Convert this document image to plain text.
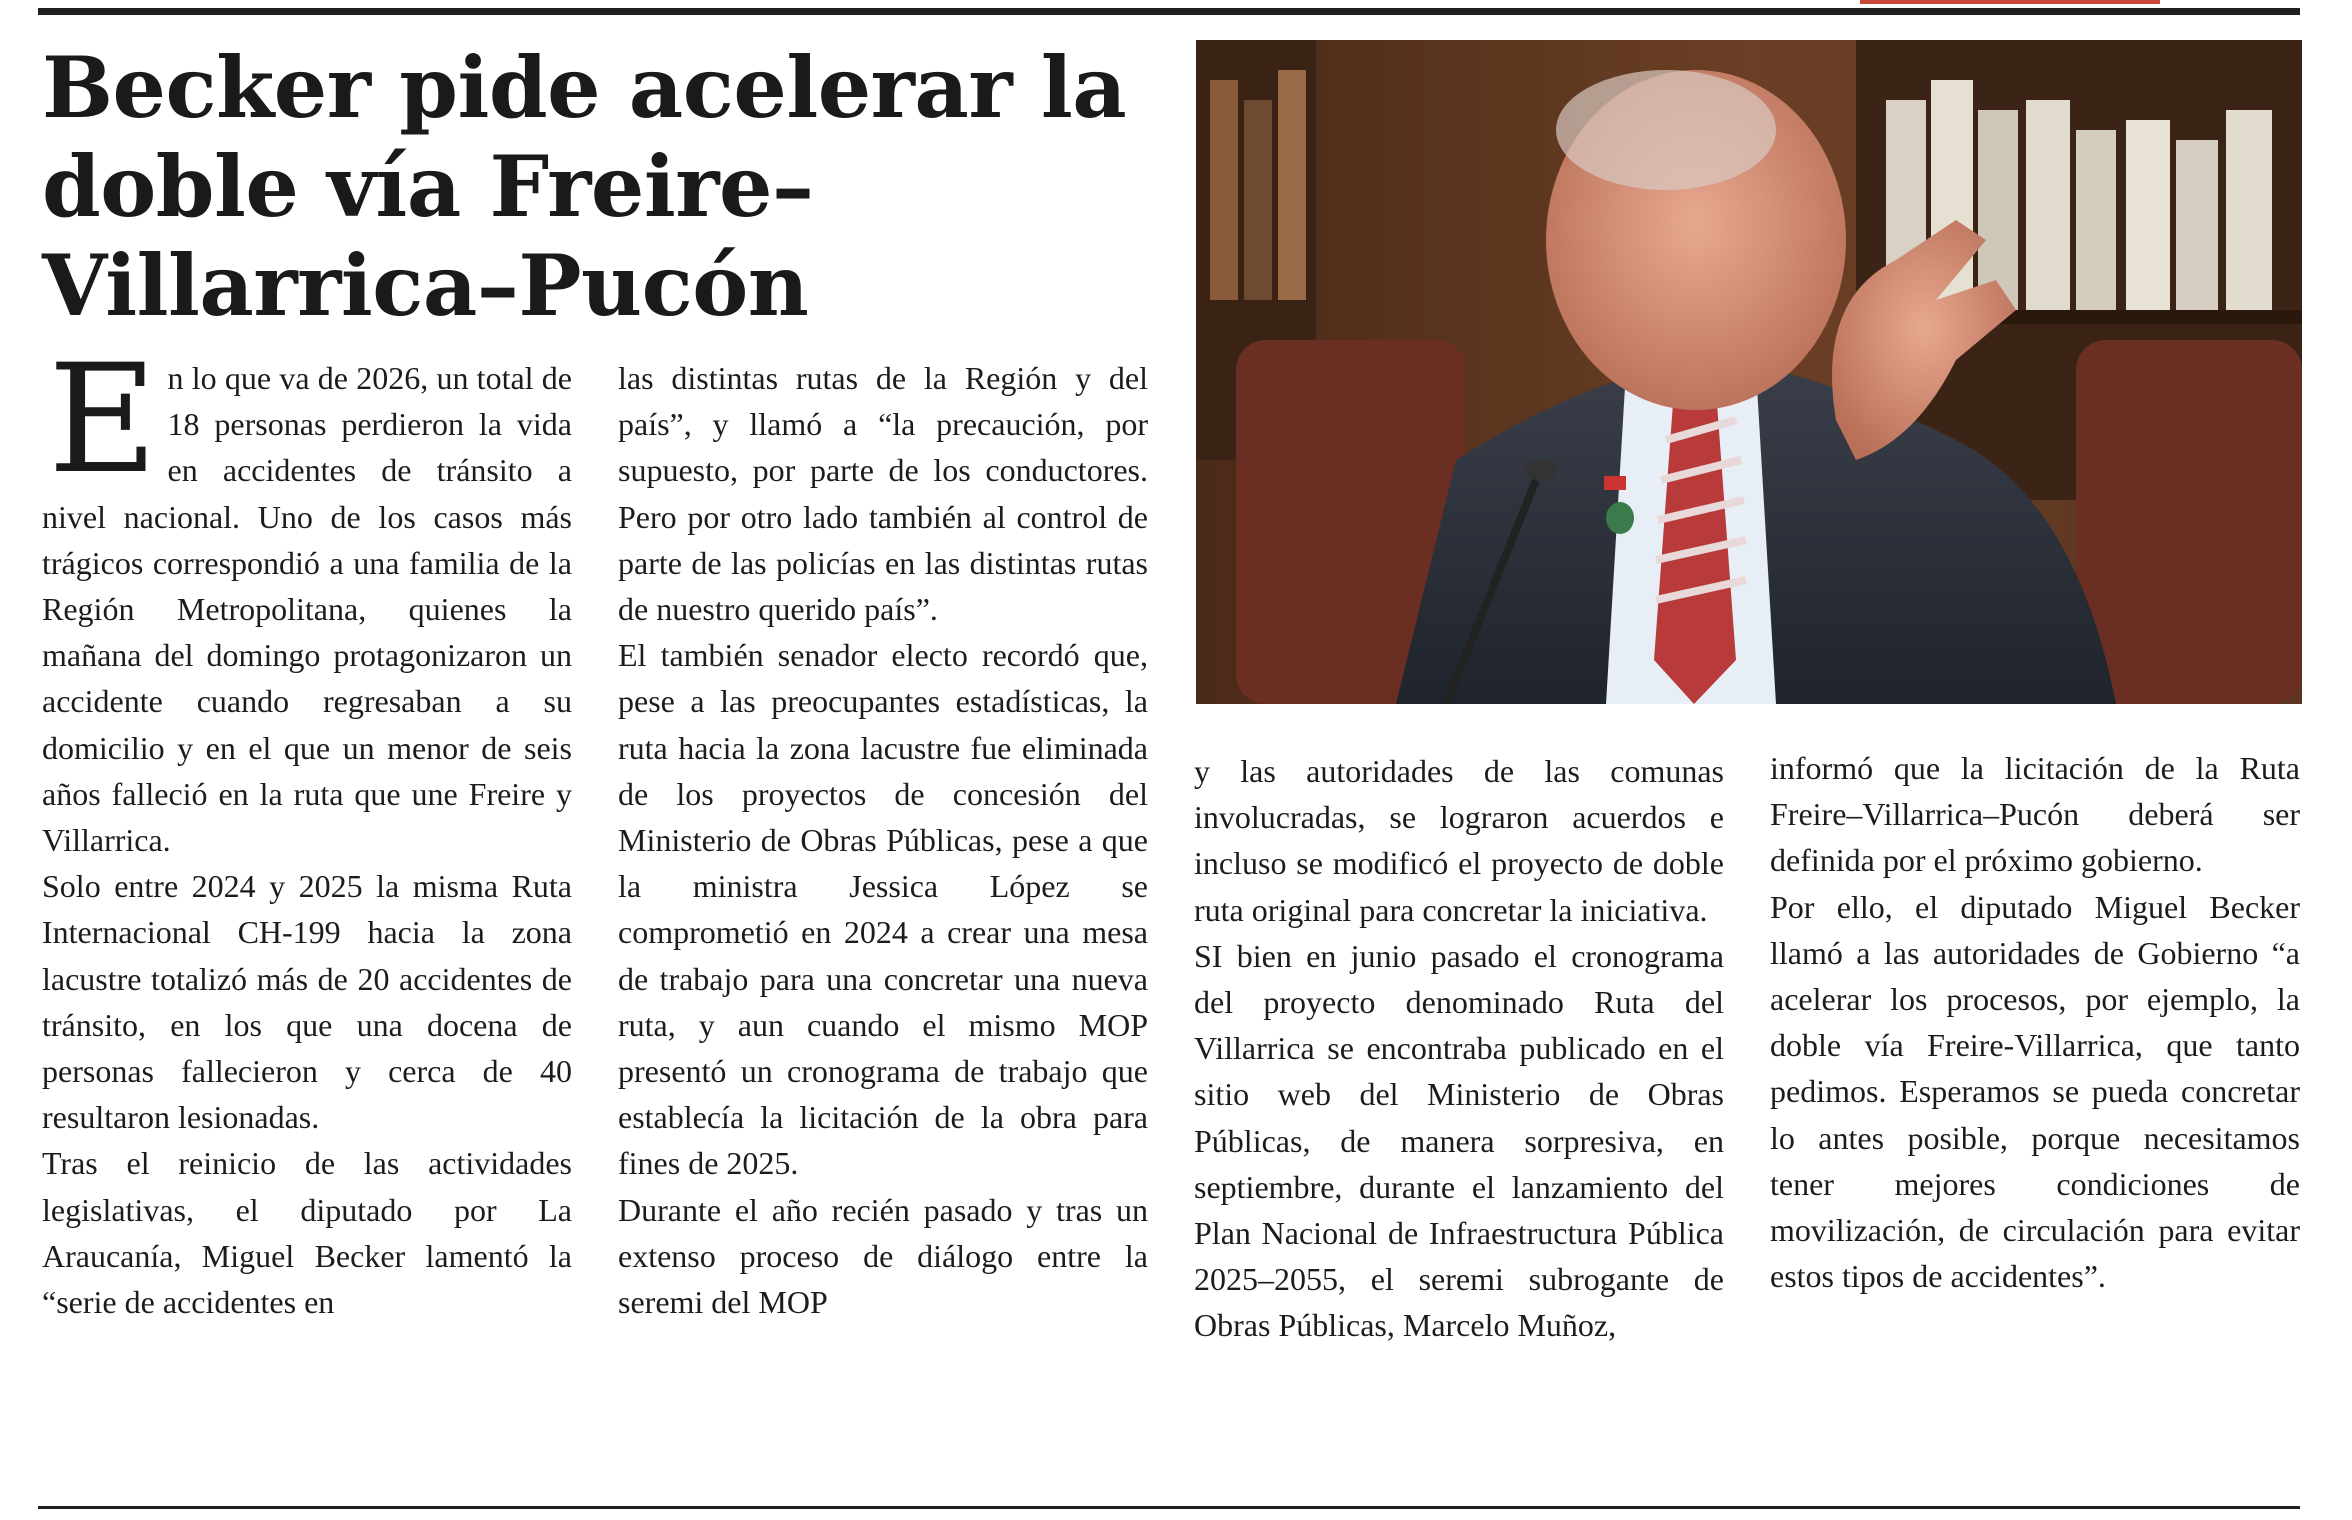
Becker pide acelerar la doble vía Freire–Villarrica–Pucón

En lo que va de 2026, un total de 18 personas perdieron la vida en accidentes de tránsito a nivel nacional. Uno de los casos más trágicos correspondió a una familia de la Región Metropolitana, quienes la mañana del domingo protagonizaron un accidente cuando regresaban a su domicilio y en el que un menor de seis años falleció en la ruta que une Freire y Villarrica.

Solo entre 2024 y 2025 la misma Ruta Internacional CH-199 hacia la zona lacustre totalizó más de 20 accidentes de tránsito, en los que una docena de personas fallecieron y cerca de 40 resultaron lesionadas.

Tras el reinicio de las actividades legislativas, el diputado por La Araucanía, Miguel Becker lamentó la “serie de accidentes en

las distintas rutas de la Región y del país”, y llamó a “la precaución, por supuesto, por parte de los conductores. Pero por otro lado también al control de parte de las policías en las distintas rutas de nuestro querido país”.

El también senador electo recordó que, pese a las preocupantes estadísticas, la ruta hacia la zona lacustre fue eliminada de los proyectos de concesión del Ministerio de Obras Públicas, pese a que la ministra Jessica López se comprometió en 2024 a crear una mesa de trabajo para una concretar una nueva ruta, y aun cuando el mismo MOP presentó un cronograma de trabajo que establecía la licitación de la obra para fines de 2025.

Durante el año recién pasado y tras un extenso proceso de diálogo entre la seremi del MOP

y las autoridades de las comunas involucradas, se lograron acuerdos e incluso se modificó el proyecto de doble ruta original para concretar la iniciativa.

SI bien en junio pasado el cronograma del proyecto denominado Ruta del Villarrica se encontraba publicado en el sitio web del Ministerio de Obras Públicas, de manera sorpresiva, en septiembre, durante el lanzamiento del Plan Nacional de Infraestructura Pública 2025–2055, el seremi subrogante de Obras Públicas, Marcelo Muñoz,

informó que la licitación de la Ruta Freire–Villarrica–Pucón deberá ser definida por el próximo gobierno.

Por ello, el diputado Miguel Becker llamó a las autoridades de Gobierno “a acelerar los procesos, por ejemplo, la doble vía Freire-Villarrica, que tanto pedimos. Esperamos se pueda concretar lo antes posible, porque necesitamos tener mejores condiciones de movilización, de circulación para evitar estos tipos de accidentes”.
